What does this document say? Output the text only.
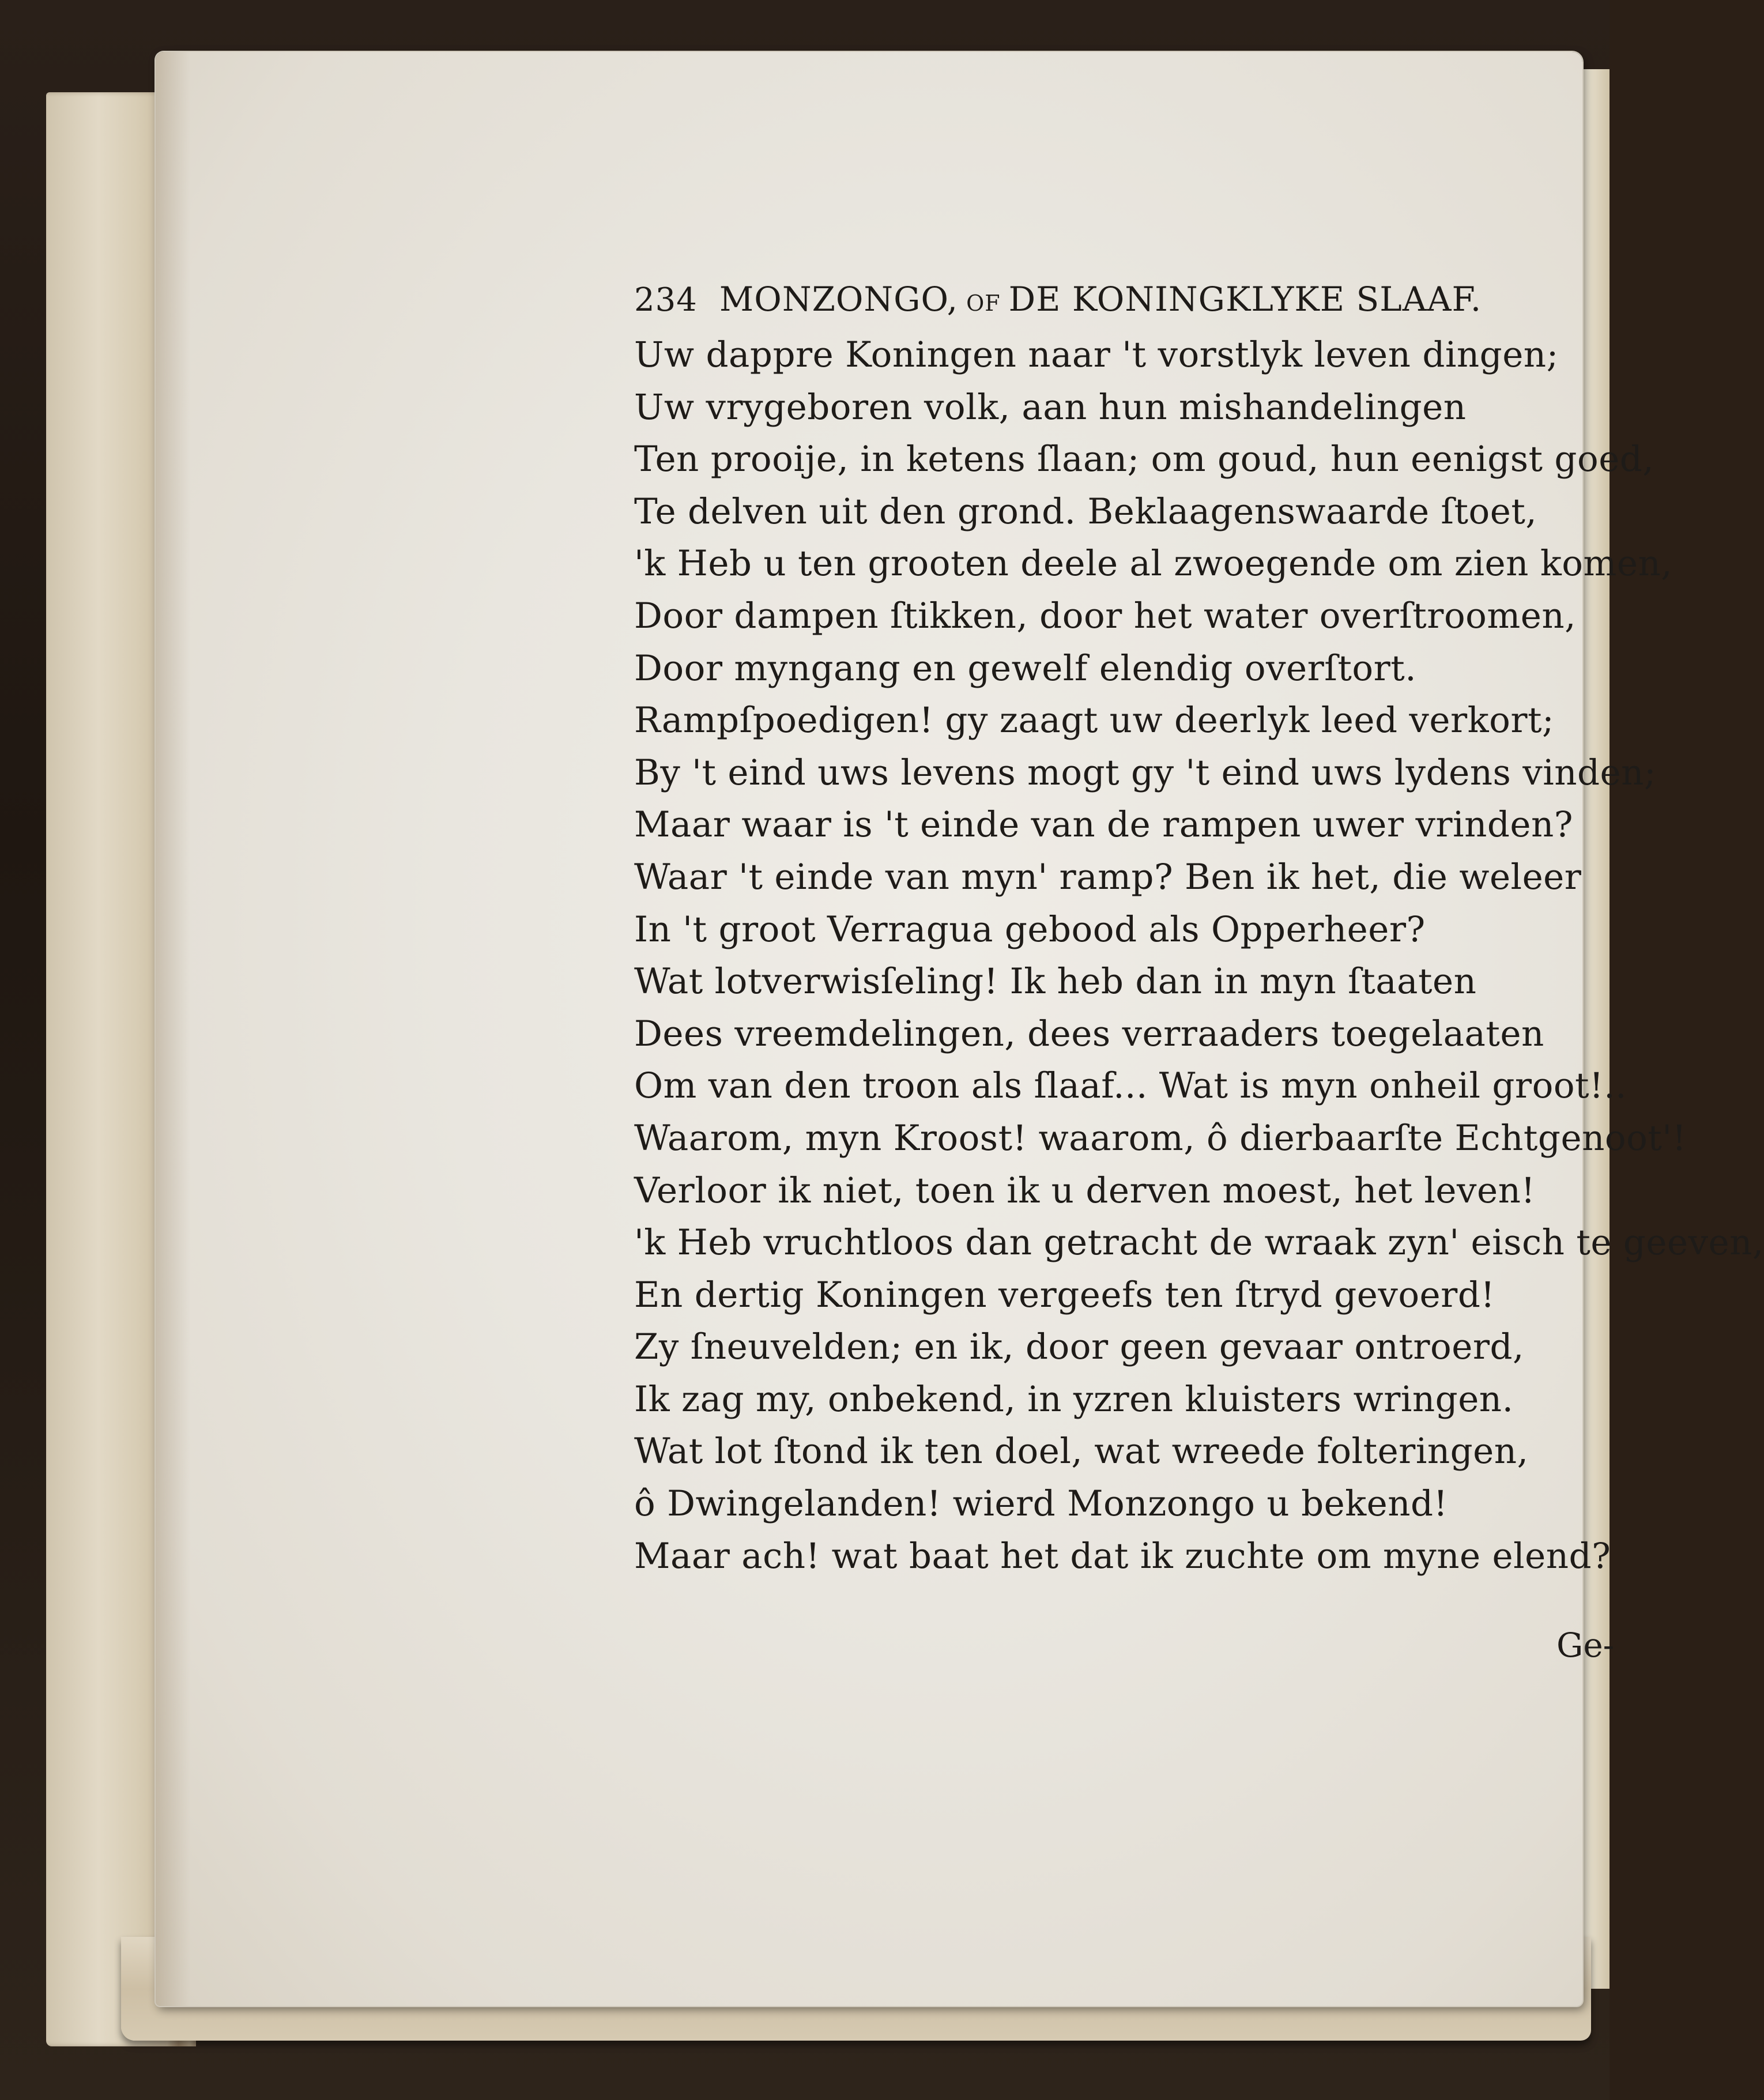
234 MONZONGO, OF DE KONINGKLYKE SLAAF.
Uw dappre Koningen naar 't vorstlyk leven dingen;
Uw vrygeboren volk, aan hun mishandelingen
Ten prooije, in ketens ſlaan; om goud, hun eenigst goed,
Te delven uit den grond. Beklaagenswaarde ſtoet,
'k Heb u ten grooten deele al zwoegende om zien komen,
Door dampen ſtikken, door het water overſtroomen,
Door myngang en gewelf elendig overſtort.
Rampſpoedigen! gy zaagt uw deerlyk leed verkort;
By 't eind uws levens mogt gy 't eind uws lydens vinden;
Maar waar is 't einde van de rampen uwer vrinden?
Waar 't einde van myn' ramp? Ben ik het, die weleer
In 't groot Verragua gebood als Opperheer?
Wat lotverwisſeling! Ik heb dan in myn ſtaaten
Dees vreemdelingen, dees verraaders toegelaaten
Om van den troon als ſlaaf... Wat is myn onheil groot!..
Waarom, myn Kroost! waarom, ô dierbaarſte Echtgenoot'!
Verloor ik niet, toen ik u derven moest, het leven!
'k Heb vruchtloos dan getracht de wraak zyn' eisch te geeven,
En dertig Koningen vergeefs ten ſtryd gevoerd!
Zy ſneuvelden; en ik, door geen gevaar ontroerd,
Ik zag my, onbekend, in yzren kluisters wringen.
Wat lot ſtond ik ten doel, wat wreede folteringen,
ô Dwingelanden! wierd Monzongo u bekend!
Maar ach! wat baat het dat ik zuchte om myne elend?
Ge-
